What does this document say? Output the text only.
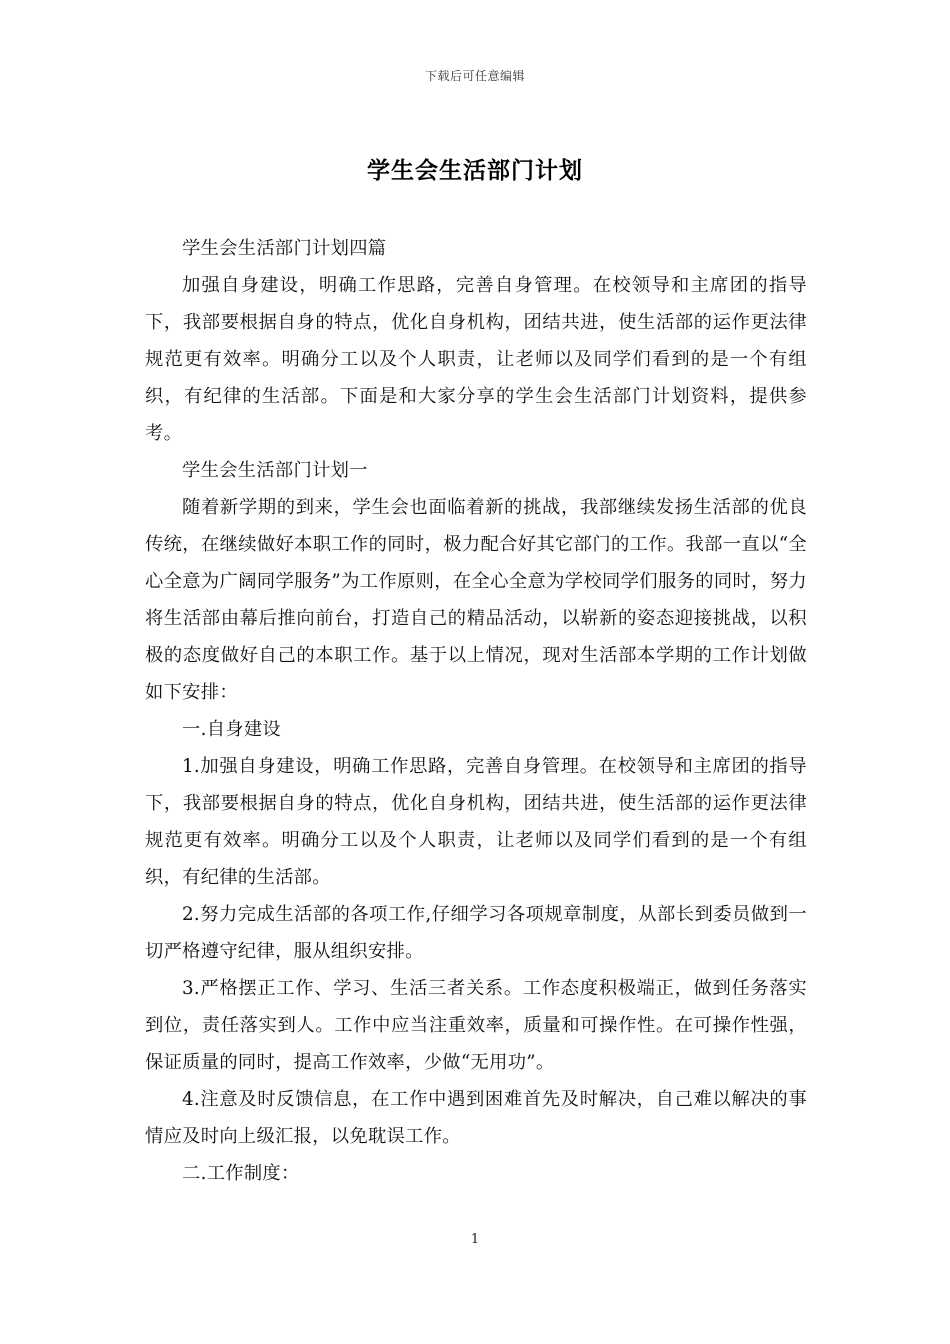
下载后可任意编辑
学生会生活部门计划

学生会生活部门计划四篇

加强自身建设，明确工作思路，完善自身管理。在校领导和主席团的指导下，我部要根据自身的特点，优化自身机构，团结共进，使生活部的运作更法律规范更有效率。明确分工以及个人职责，让老师以及同学们看到的是一个有组织，有纪律的生活部。下面是和大家分享的学生会生活部门计划资料，提供参考。

学生会生活部门计划一

随着新学期的到来，学生会也面临着新的挑战，我部继续发扬生活部的优良传统，在继续做好本职工作的同时，极力配合好其它部门的工作。我部一直以“全心全意为广阔同学服务”为工作原则，在全心全意为学校同学们服务的同时，努力将生活部由幕后推向前台，打造自己的精品活动，以崭新的姿态迎接挑战，以积极的态度做好自己的本职工作。基于以上情况，现对生活部本学期的工作计划做如下安排：

一.自身建设

1.加强自身建设，明确工作思路，完善自身管理。在校领导和主席团的指导下，我部要根据自身的特点，优化自身机构，团结共进，使生活部的运作更法律规范更有效率。明确分工以及个人职责，让老师以及同学们看到的是一个有组织，有纪律的生活部。

2.努力完成生活部的各项工作,仔细学习各项规章制度，从部长到委员做到一切严格遵守纪律，服从组织安排。

3.严格摆正工作、学习、生活三者关系。工作态度积极端正，做到任务落实到位，责任落实到人。工作中应当注重效率，质量和可操作性。在可操作性强，保证质量的同时，提高工作效率，少做“无用功”。

4.注意及时反馈信息，在工作中遇到困难首先及时解决，自己难以解决的事情应及时向上级汇报，以免耽误工作。

二.工作制度：

1
